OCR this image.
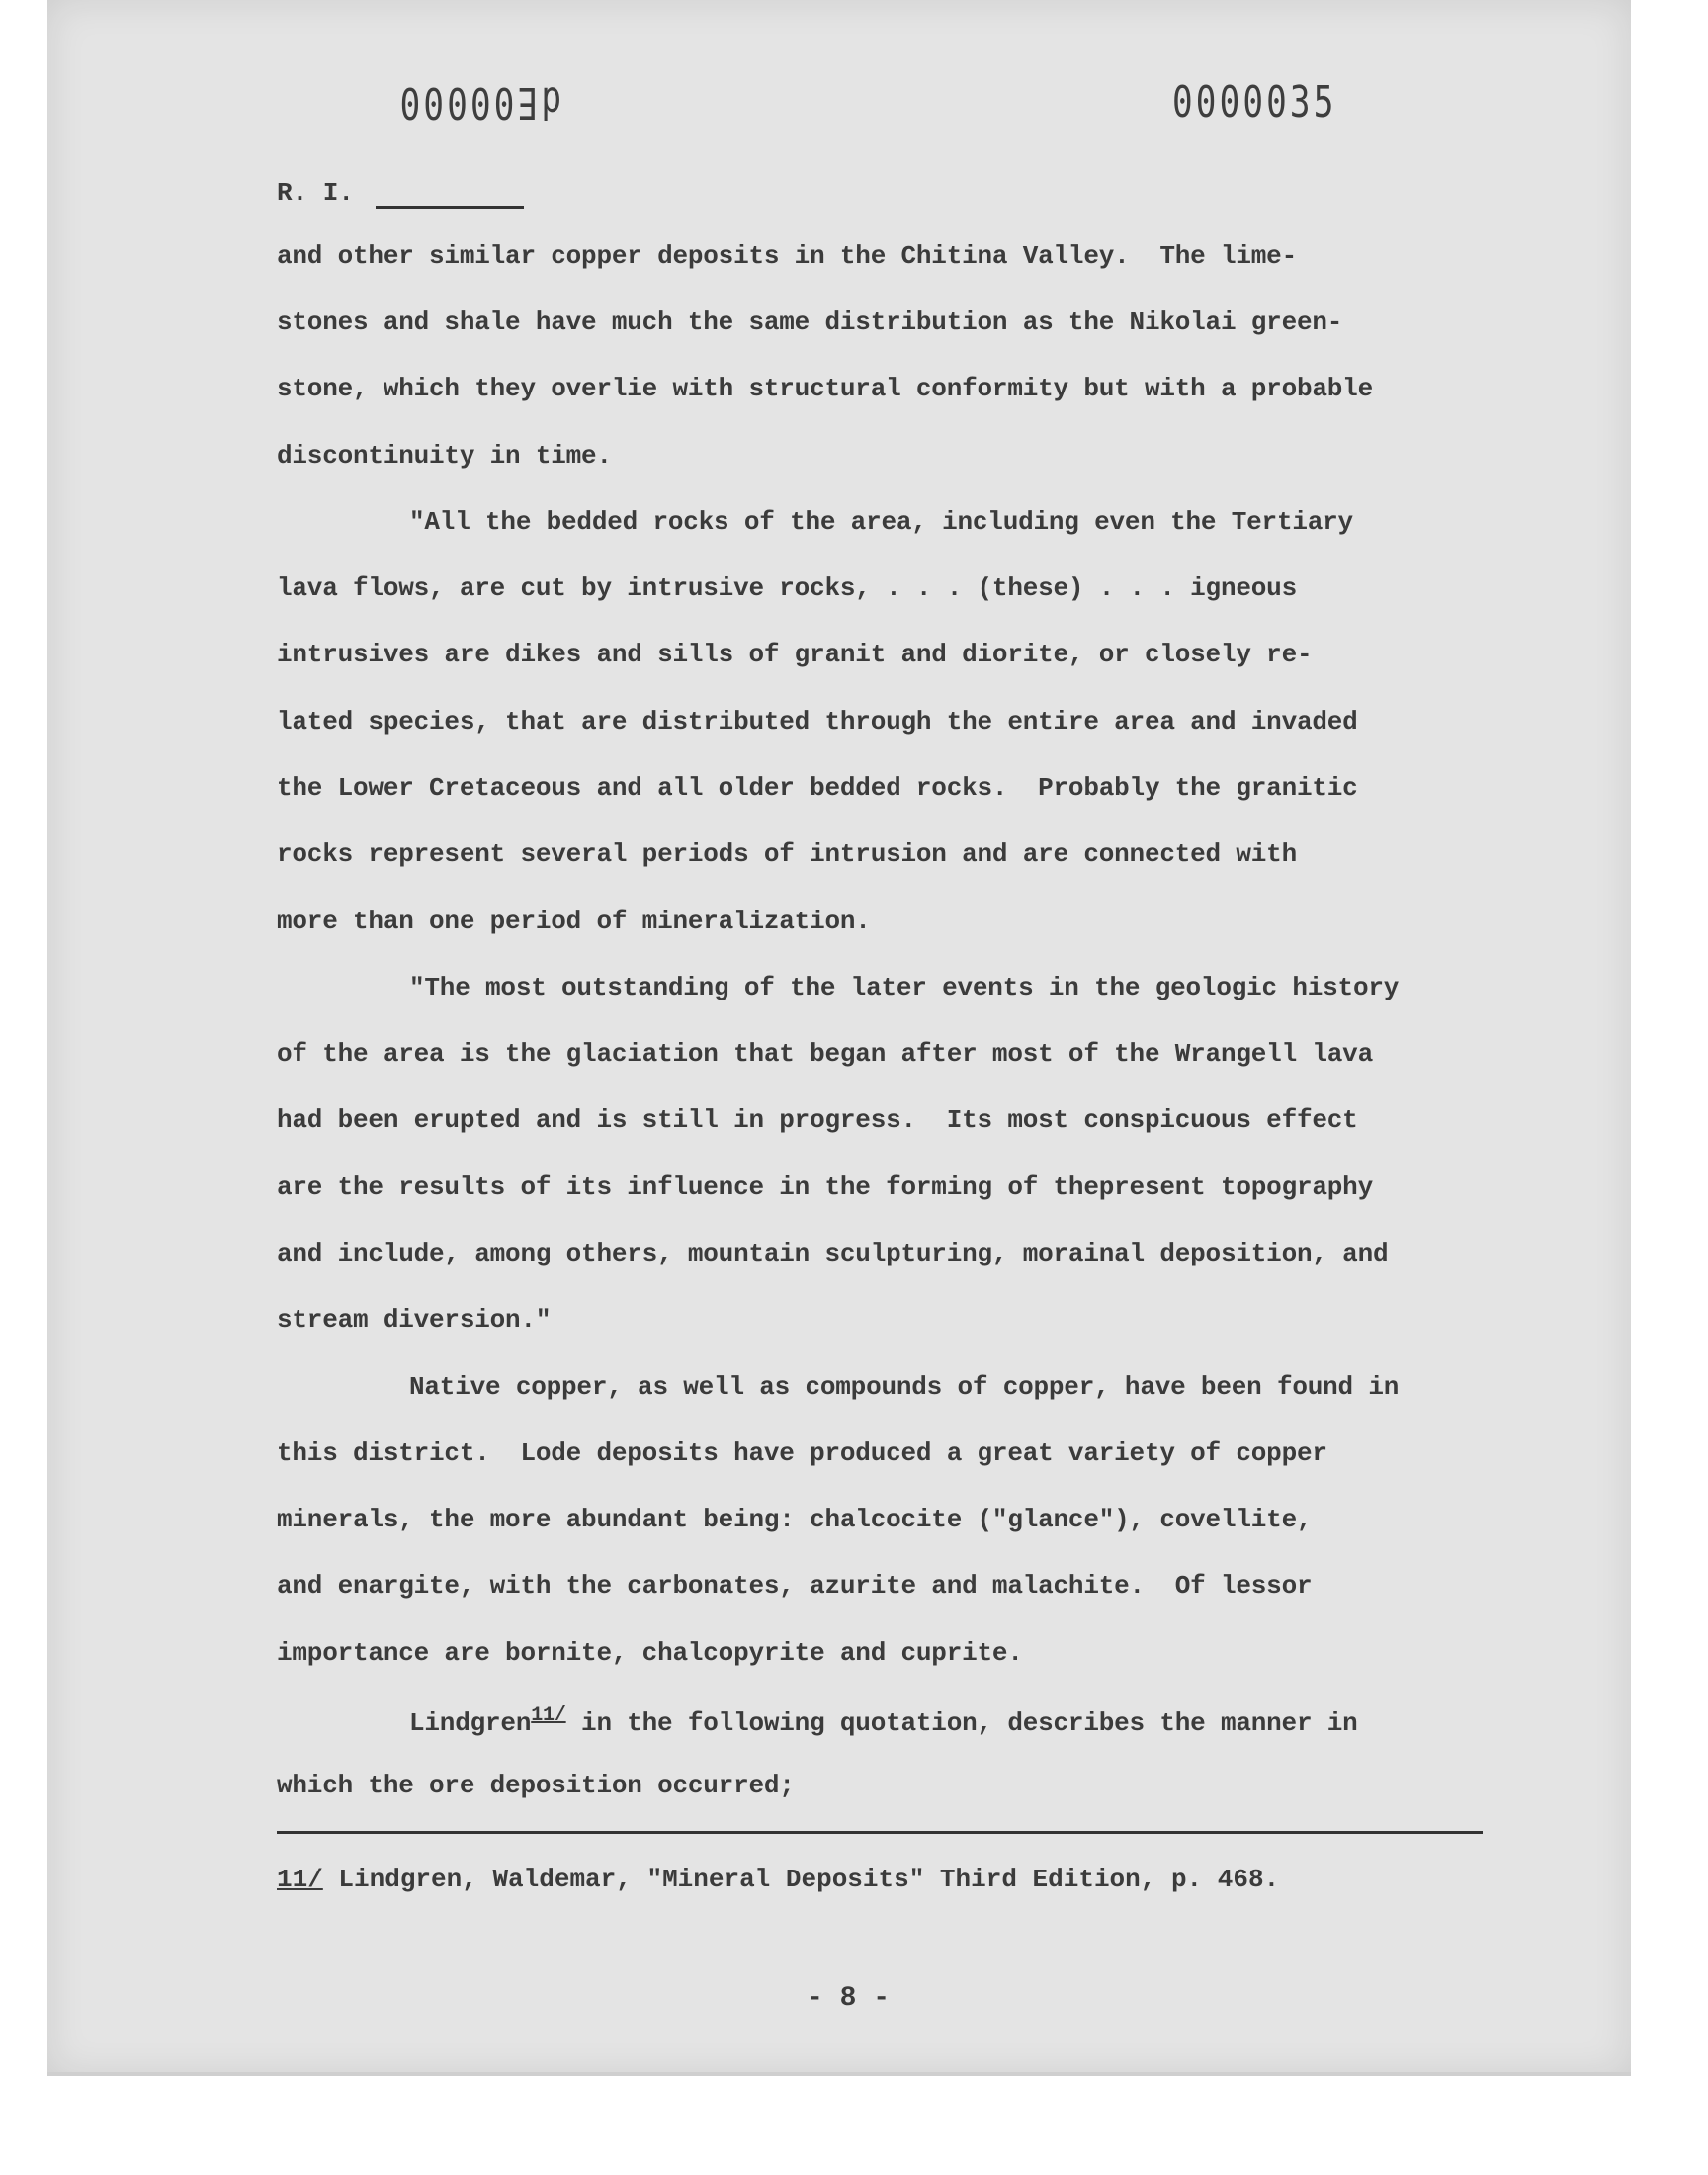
dE00000	0000035
R. I.
and other similar copper deposits in the Chitina Valley.  The lime-
stones and shale have much the same distribution as the Nikolai green-
stone, which they overlie with structural conformity but with a probable
discontinuity in time.
"All the bedded rocks of the area, including even the Tertiary
lava flows, are cut by intrusive rocks, . . . (these) . . . igneous
intrusives are dikes and sills of granit and diorite, or closely re-
lated species, that are distributed through the entire area and invaded
the Lower Cretaceous and all older bedded rocks.  Probably the granitic
rocks represent several periods of intrusion and are connected with
more than one period of mineralization.
"The most outstanding of the later events in the geologic history
of the area is the glaciation that began after most of the Wrangell lava
had been erupted and is still in progress.  Its most conspicuous effect
are the results of its influence in the forming of thepresent topography
and include, among others, mountain sculpturing, morainal deposition, and
stream diversion."
Native copper, as well as compounds of copper, have been found in
this district.  Lode deposits have produced a great variety of copper
minerals, the more abundant being: chalcocite ("glance"), covellite,
and enargite, with the carbonates, azurite and malachite.  Of lessor
importance are bornite, chalcopyrite and cuprite.
Lindgren$^{11/}$ in the following quotation, describes the manner in
which the ore deposition occurred;
11/ Lindgren, Waldemar, "Mineral Deposits" Third Edition, p. 468.
- 8 -
